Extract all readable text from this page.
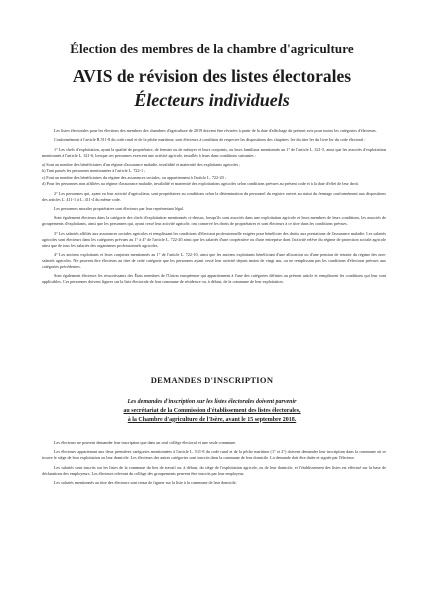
Élection des membres de la chambre d'agriculture
AVIS de révision des listes électorales
Électeurs individuels

Les listes électorales pour les élections des membres des chambres d'agriculture de 2019 doivent être révisées à partir de la date d'affichage du présent avis pour toutes les catégories d'électeurs.

Conformément à l'article R.511-8 du code rural et de la pêche maritime, sont électeurs à condition de respecter les dispositions des chapitres 1er du titre Ier du livre Ier du code électoral :

1° Les chefs d'exploitation, ayant la qualité de propriétaire, de fermier ou de métayer et leurs conjoints, ou leurs familiaux mentionnés au 1° de l'article L. 321-5, ainsi que les associés d'exploitation mentionnés à l'article L. 321-6, lorsque ces personnes exercent une activité agricole, installés à leurs dans conditions suivantes :

a) Sont au nombre des bénéficiaires d'un régime d'assurance maladie, invalidité et maternité des exploitants agricoles ;

b) Tant passés les personnes mentionnées à l'article L. 722-1 ;

c) Font au nombre des bénéficiaires du régime des assurances sociales, ou appartiennent à l'article L. 722-20 ;

d) Pour les personnes non affiliées au régime d'assurance maladie, invalidité et maternité des exploitations agricoles selon conditions prévues au présent code et à la date d'effet de leur droit.

2° Les personnes qui, ayant eu leur activité d'agriculteur, sont propriétaires au conditions selon la détermination du personnel du registre ouvert au statut du fermage conformément aux dispositions des articles L. 411-1 à L. 411-4 du même code.

Les personnes morales propriétaires sont électeurs par leur représentant légal.

Sont également électeurs dans la catégorie des chefs d'exploitation mentionnés ci-dessus, lorsqu'ils sont associés dans une exploitation agricole et leurs membres de leurs conditions, les associés de groupements d'exploitants, ainsi que les personnes qui, ayant cessé leur activité agricole, ont conservé les droits de propriétaires et sont électeurs à ce titre dans les conditions prévues.

3° Les salariés affiliés aux assurances sociales agricoles et remplissant les conditions d'électorat professionnelle exigées pour bénéficier des droits aux prestations de l'assurance maladie. Les salariés agricoles sont électeurs dans les catégories prévues au 1° à 4° de l'article L. 722-20 ainsi que les salariés d'une coopérative ou d'une entreprise dont l'activité relève du régime de protection sociale agricole ainsi que de tous les salariés des organismes professionnels agricoles.

4° Les anciens exploitants et leurs conjoints mentionnés au 1° de l'article L. 722-10, ainsi que les anciens exploitants bénéficiant d'une allocation ou d'une pension de retraite du régime des non-salariés agricoles. Ne peuvent être électeurs au titre de cette catégorie que les personnes ayant cessé leur activité depuis moins de vingt ans, ou ne remplissant pas les conditions d'électorat prévues aux catégories précédentes.

Sont également électeurs les ressortissants des États membres de l'Union européenne qui appartiennent à l'une des catégories définies au présent article et remplissent les conditions qui leur sont applicables. Ces personnes doivent figurer sur la liste électorale de leur commune de résidence ou, à défaut, de la commune de leur exploitation.

DEMANDES D'INSCRIPTION
Les demandes d'inscription sur les listes électorales doivent parvenir
au secrétariat de la Commission d'établissement des listes électorales,
à la Chambre d'agriculture de l'Isère, avant le 15 septembre 2018.

Les électeurs ne peuvent demander leur inscription que dans un seul collège électoral et une seule commune.

Les électeurs appartenant aux deux premières catégories mentionnées à l'article L. 511-8 du code rural et de la pêche maritime (1° et 2°) doivent demander leur inscription dans la commune où se trouve le siège de leur exploitation ou leur domicile. Les électeurs des autres catégories sont inscrits dans la commune de leur domicile. La demande doit être datée et signée par l'électeur.

Les salariés sont inscrits sur les listes de la commune du lieu de travail ou, à défaut, du siège de l'exploitation agricole, ou de leur domicile, et l'établissement des listes est effectué sur la base de déclarations des employeurs. Les électeurs relevant du collège des groupements peuvent être inscrits par leur employeur.

Les salariés mentionnés au titre des électeurs sont tenus de figurer sur la liste à la commune de leur domicile.
